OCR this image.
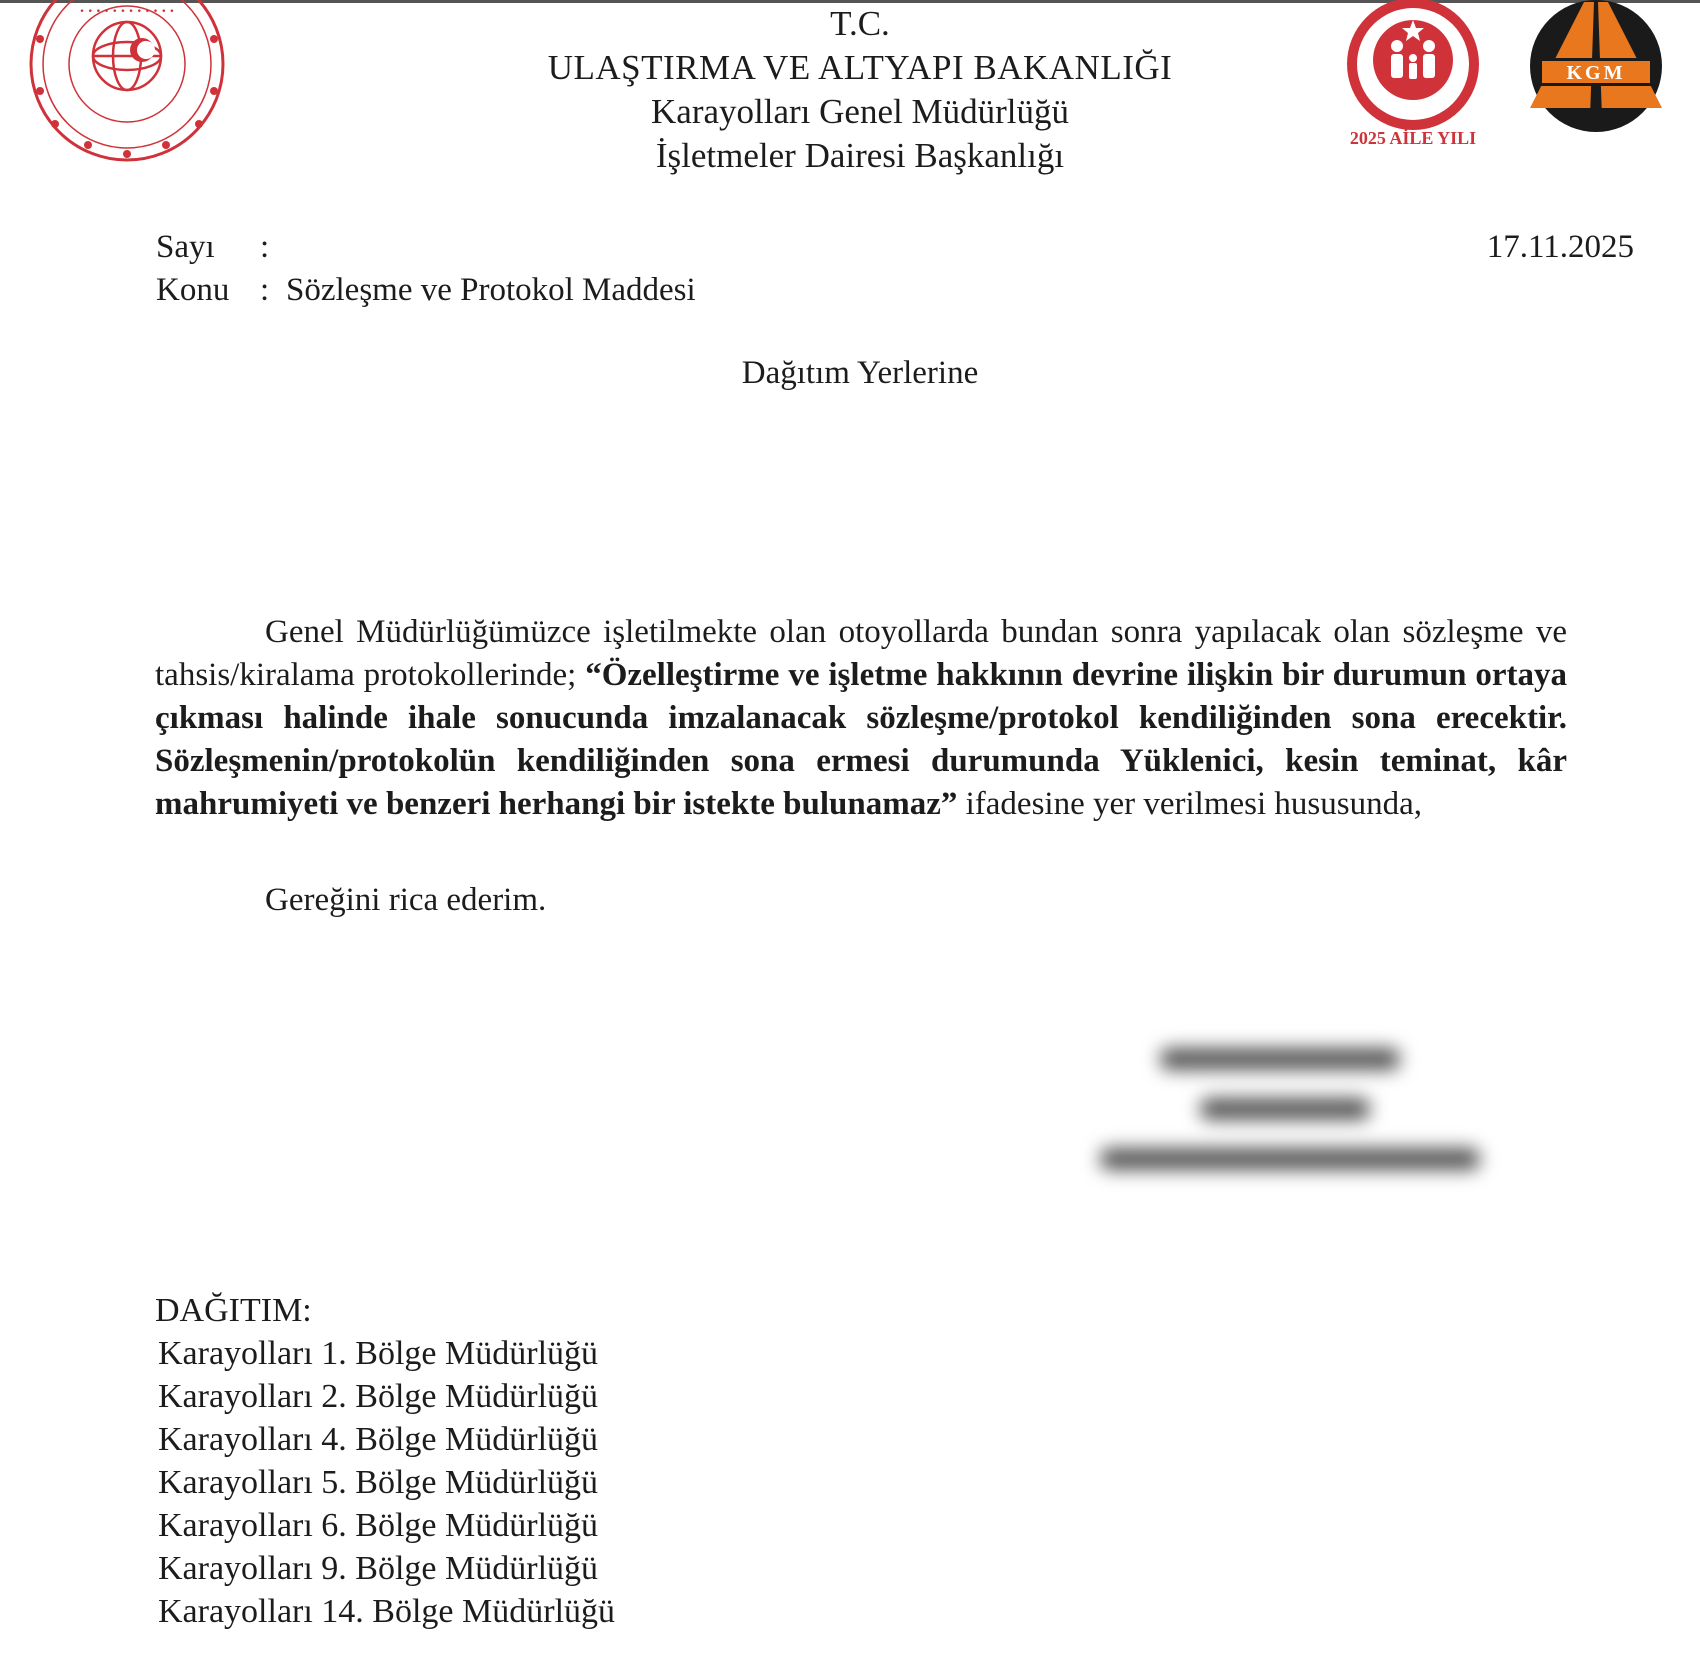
• • • • • • • • • • • •	T.C.
ULAŞTIRMA VE ALTYAPI BAKANLIĞI
Karayolları Genel Müdürlüğü
İşletmeler Dairesi Başkanlığı	2025 AİLE YILI
KGM
Sayı	:
Konu : Sözleşme ve Protokol Maddesi
17.11.2025
Dağıtım Yerlerine

Genel Müdürlüğümüzce işletilmekte olan otoyollarda bundan sonra yapılacak olan sözleşme ve tahsis/kiralama protokollerinde; “Özelleştirme ve işletme hakkının devrine ilişkin bir durumun ortaya çıkması halinde ihale sonucunda imzalanacak sözleşme/protokol kendiliğinden sona erecektir. Sözleşmenin/protokolün kendiliğinden sona ermesi durumunda Yüklenici, kesin teminat, kâr mahrumiyeti ve benzeri herhangi bir istekte bulunamaz” ifadesine yer verilmesi hususunda,

Gereğini rica ederim.
DAĞITIM:
Karayolları 1. Bölge Müdürlüğü
Karayolları 2. Bölge Müdürlüğü
Karayolları 4. Bölge Müdürlüğü
Karayolları 5. Bölge Müdürlüğü
Karayolları 6. Bölge Müdürlüğü
Karayolları 9. Bölge Müdürlüğü
Karayolları 14. Bölge Müdürlüğü
